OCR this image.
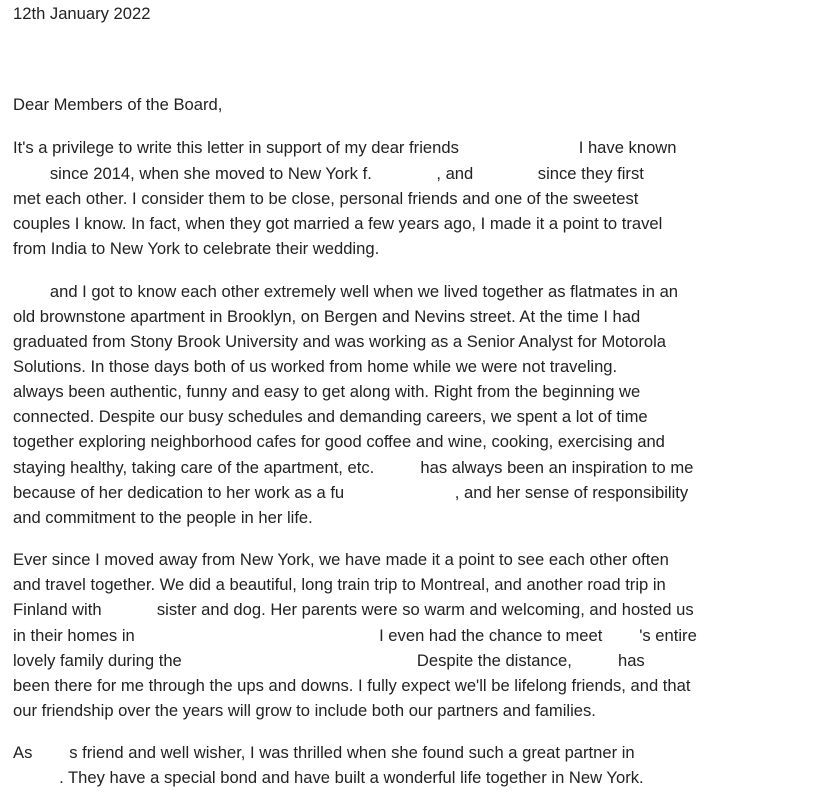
12th January 2022
Dear Members of the Board,
It's a privilege to write this letter in support of my dear friends                          I have known
since 2014, when she moved to New York f.              , and              since they first
met each other. I consider them to be close, personal friends and one of the sweetest
couples I know. In fact, when they got married a few years ago, I made it a point to travel
from India to New York to celebrate their wedding.
and I got to know each other extremely well when we lived together as flatmates in an
old brownstone apartment in Brooklyn, on Bergen and Nevins street. At the time I had
graduated from Stony Brook University and was working as a Senior Analyst for Motorola
Solutions. In those days both of us worked from home while we were not traveling.
always been authentic, funny and easy to get along with. Right from the beginning we
connected. Despite our busy schedules and demanding careers, we spent a lot of time
together exploring neighborhood cafes for good coffee and wine, cooking, exercising and
staying healthy, taking care of the apartment, etc.          has always been an inspiration to me
because of her dedication to her work as a fu                        , and her sense of responsibility
and commitment to the people in her life.
Ever since I moved away from New York, we have made it a point to see each other often
and travel together. We did a beautiful, long train trip to Montreal, and another road trip in
Finland with            sister and dog. Her parents were so warm and welcoming, and hosted us
in their homes in                                                     I even had the chance to meet        's entire
lovely family during the                                                   Despite the distance,          has
been there for me through the ups and downs. I fully expect we'll be lifelong friends, and that
our friendship over the years will grow to include both our partners and families.
As        s friend and well wisher, I was thrilled when she found such a great partner in
. They have a special bond and have built a wonderful life together in New York.
